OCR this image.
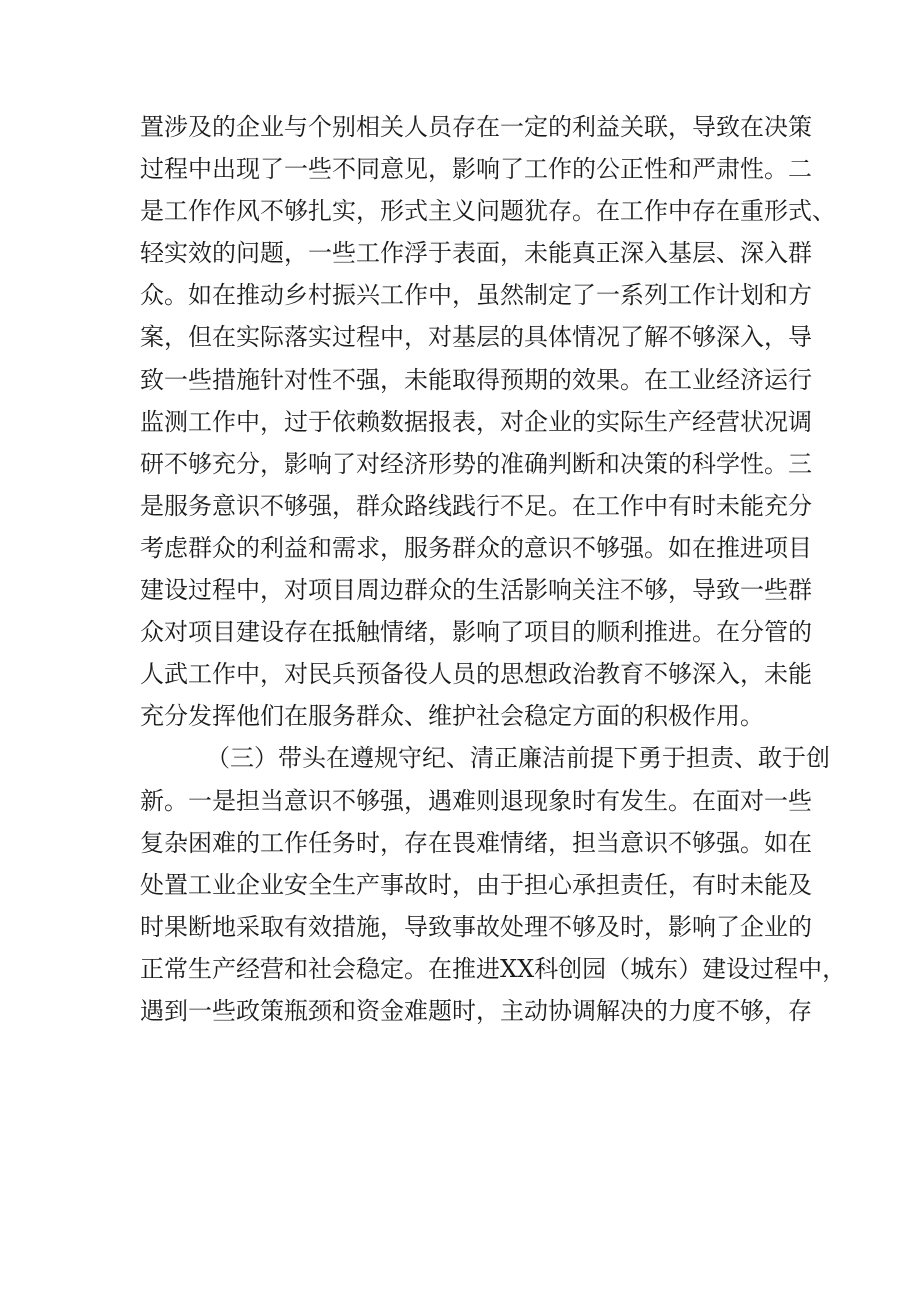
置涉及的企业与个别相关人员存在一定的利益关联，导致在决策
过程中出现了一些不同意见，影响了工作的公正性和严肃性。二
是工作作风不够扎实，形式主义问题犹存。在工作中存在重形式、
轻实效的问题，一些工作浮于表面，未能真正深入基层、深入群
众。如在推动乡村振兴工作中，虽然制定了一系列工作计划和方
案，但在实际落实过程中，对基层的具体情况了解不够深入，导
致一些措施针对性不强，未能取得预期的效果。在工业经济运行
监测工作中，过于依赖数据报表，对企业的实际生产经营状况调
研不够充分，影响了对经济形势的准确判断和决策的科学性。三
是服务意识不够强，群众路线践行不足。在工作中有时未能充分
考虑群众的利益和需求，服务群众的意识不够强。如在推进项目
建设过程中，对项目周边群众的生活影响关注不够，导致一些群
众对项目建设存在抵触情绪，影响了项目的顺利推进。在分管的
人武工作中，对民兵预备役人员的思想政治教育不够深入，未能
充分发挥他们在服务群众、维护社会稳定方面的积极作用。
（三）带头在遵规守纪、清正廉洁前提下勇于担责、敢于创
新。一是担当意识不够强，遇难则退现象时有发生。在面对一些
复杂困难的工作任务时，存在畏难情绪，担当意识不够强。如在
处置工业企业安全生产事故时，由于担心承担责任，有时未能及
时果断地采取有效措施，导致事故处理不够及时，影响了企业的
正常生产经营和社会稳定。在推进XX科创园（城东）建设过程中，
遇到一些政策瓶颈和资金难题时，主动协调解决的力度不够，存
